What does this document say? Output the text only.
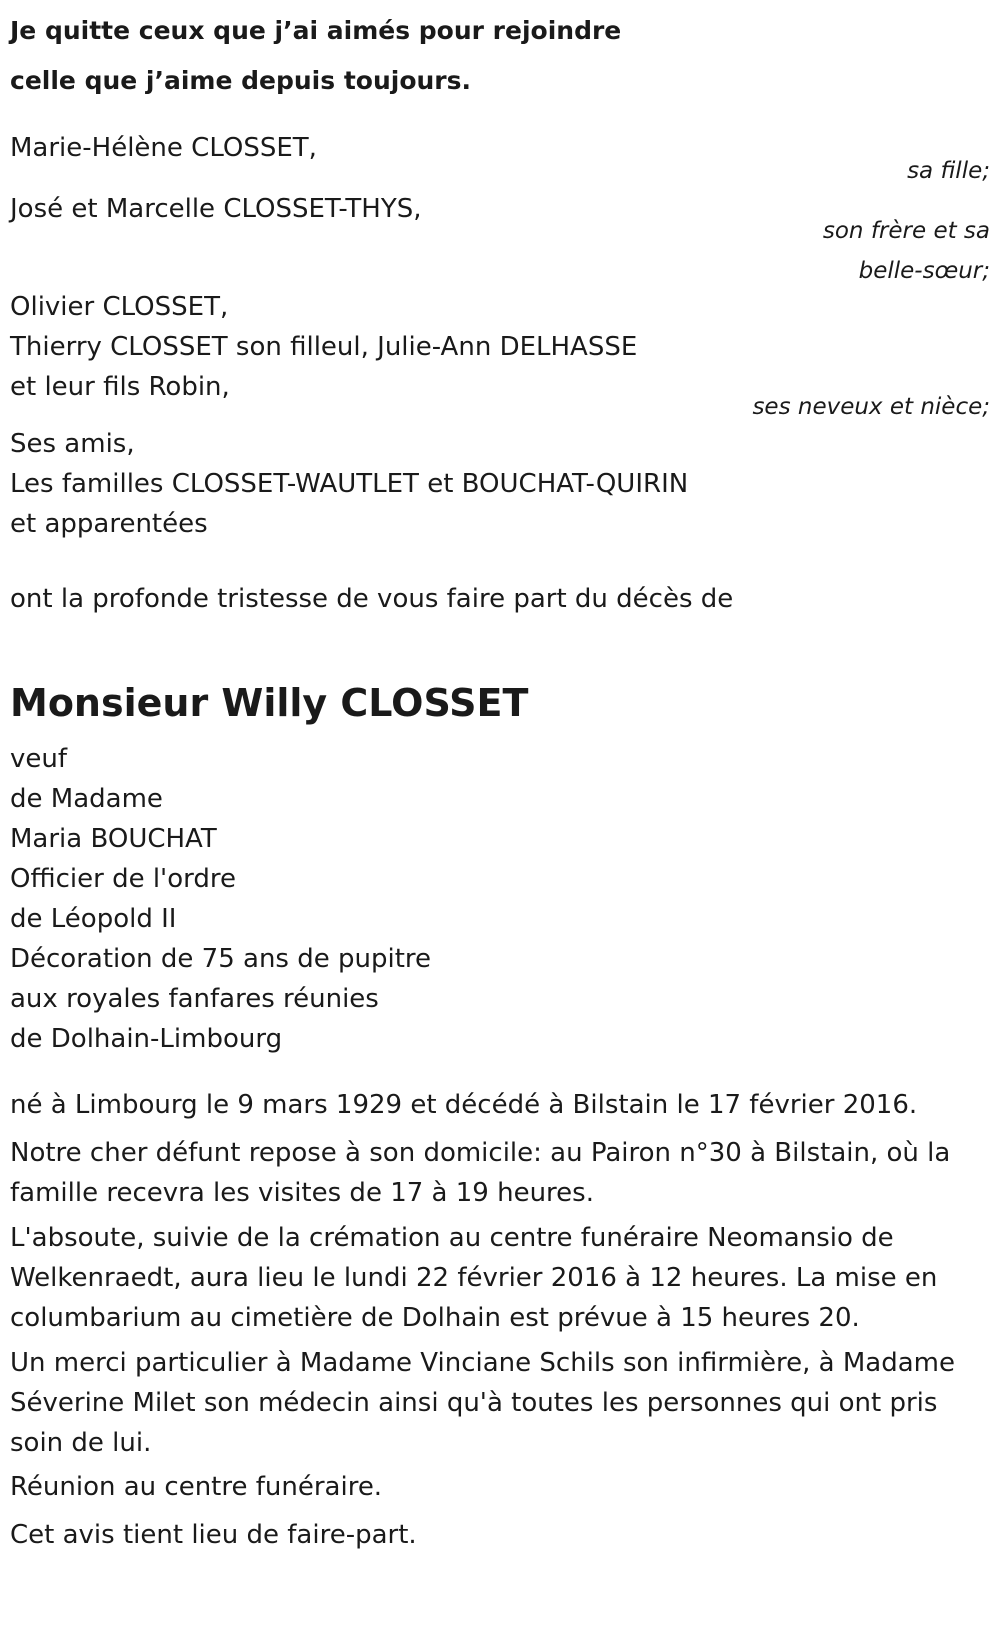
Je quitte ceux que j’ai aimés pour rejoindre
celle que j’aime depuis toujours.
Marie-Hélène CLOSSET,
sa fille;
José et Marcelle CLOSSET-THYS,
son frère et sa
belle-sœur;
Olivier CLOSSET,
Thierry CLOSSET son filleul, Julie-Ann DELHASSE
et leur fils Robin,
ses neveux et nièce;
Ses amis,
Les familles CLOSSET-WAUTLET et BOUCHAT-QUIRIN
et apparentées
ont la profonde tristesse de vous faire part du décès de
Monsieur Willy CLOSSET
veuf
de Madame
Maria BOUCHAT
Officier de l'ordre
de Léopold II
Décoration de 75 ans de pupitre
aux royales fanfares réunies
de Dolhain-Limbourg
né à Limbourg le 9 mars 1929 et décédé à Bilstain le 17 février 2016.
Notre cher défunt repose à son domicile: au Pairon n°30 à Bilstain, où la famille recevra les visites de 17 à 19 heures.
L'absoute, suivie de la crémation au centre funéraire Neomansio de Welkenraedt, aura lieu le lundi 22 février 2016 à 12 heures. La mise en columbarium au cimetière de Dolhain est prévue à 15 heures 20.
Un merci particulier à Madame Vinciane Schils son infirmière, à Madame Séverine Milet son médecin ainsi qu'à toutes les personnes qui ont pris soin de lui.
Réunion au centre funéraire.
Cet avis tient lieu de faire-part.
